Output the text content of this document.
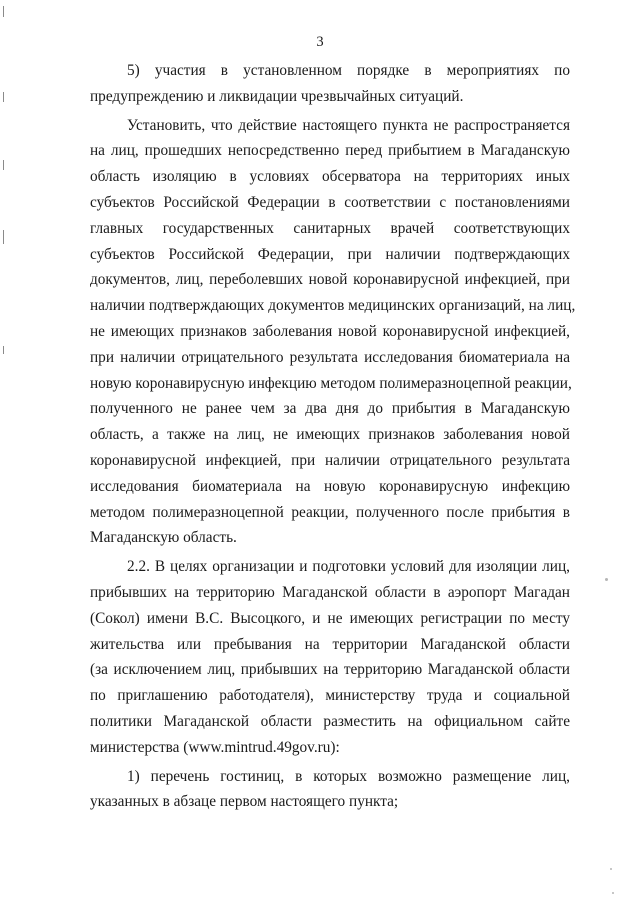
3
5) участия в установленном порядке в мероприятиях по
предупреждению и ликвидации чрезвычайных ситуаций.
Установить, что действие настоящего пункта не распространяется
на лиц, прошедших непосредственно перед прибытием в Магаданскую
область изоляцию в условиях обсерватора на территориях иных
субъектов Российской Федерации в соответствии с постановлениями
главных государственных санитарных врачей соответствующих
субъектов Российской Федерации, при наличии подтверждающих
документов, лиц, переболевших новой коронавирусной инфекцией, при
наличии подтверждающих документов медицинских организаций, на лиц,
не имеющих признаков заболевания новой коронавирусной инфекцией,
при наличии отрицательного результата исследования биоматериала на
новую коронавирусную инфекцию методом полимеразноцепной реакции,
полученного не ранее чем за два дня до прибытия в Магаданскую
область, а также на лиц, не имеющих признаков заболевания новой
коронавирусной инфекцией, при наличии отрицательного результата
исследования биоматериала на новую коронавирусную инфекцию
методом полимеразноцепной реакции, полученного после прибытия в
Магаданскую область.
2.2. В целях организации и подготовки условий для изоляции лиц,
прибывших на территорию Магаданской области в аэропорт Магадан
(Сокол) имени В.С. Высоцкого, и не имеющих регистрации по месту
жительства или пребывания на территории Магаданской области
(за исключением лиц, прибывших на территорию Магаданской области
по приглашению работодателя), министерству труда и социальной
политики Магаданской области разместить на официальном сайте
министерства (www.mintrud.49gov.ru):
1) перечень гостиниц, в которых возможно размещение лиц,
указанных в абзаце первом настоящего пункта;
